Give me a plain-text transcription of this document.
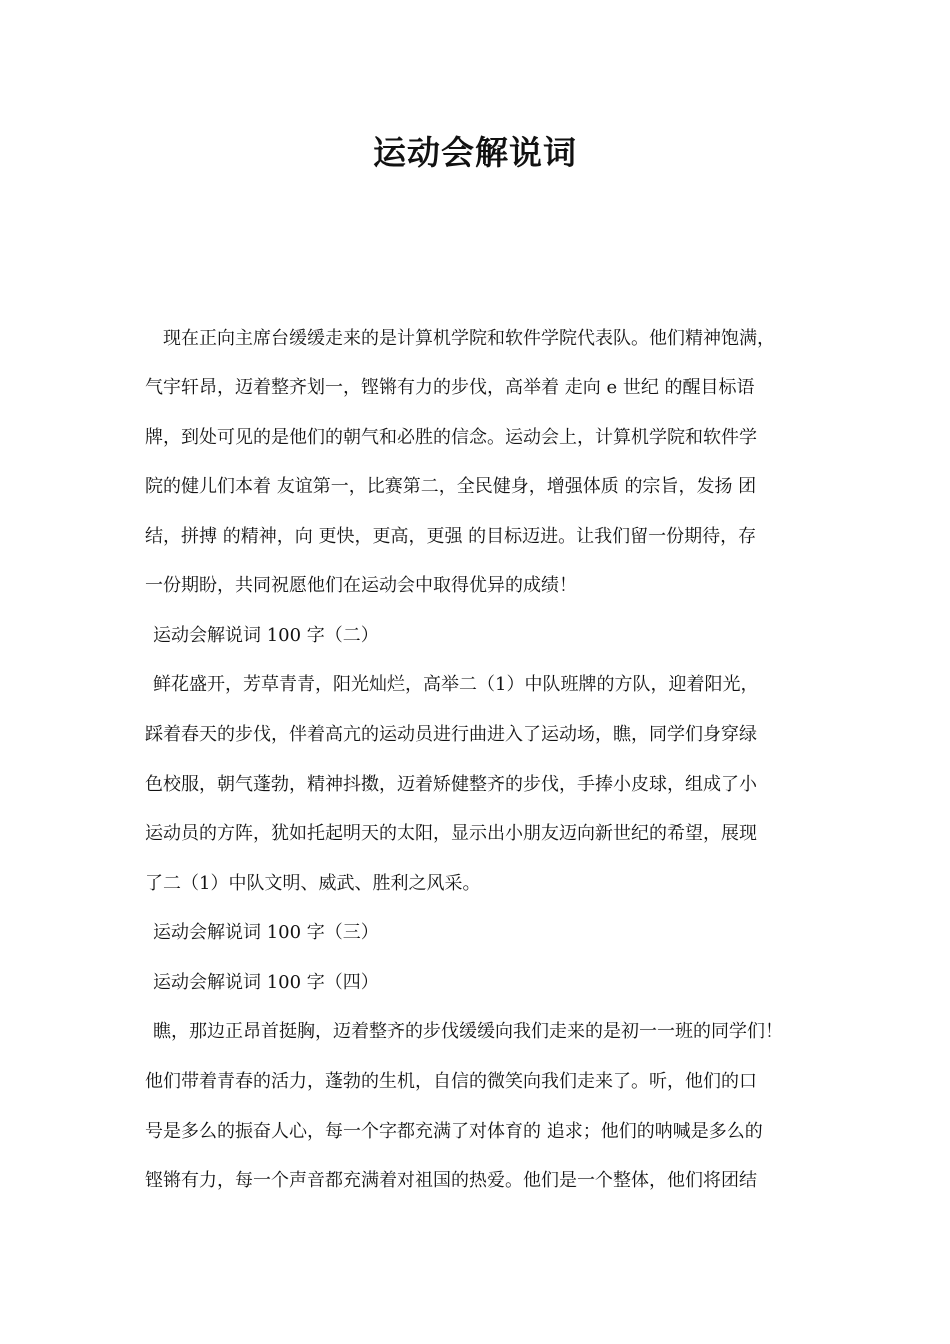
运动会解说词
现在正向主席台缓缓走来的是计算机学院和软件学院代表队。他们精神饱满，
气宇轩昂，迈着整齐划一，铿锵有力的步伐，高举着 走向 e 世纪 的醒目标语
牌，到处可见的是他们的朝气和必胜的信念。运动会上，计算机学院和软件学
院的健儿们本着 友谊第一，比赛第二，全民健身，增强体质 的宗旨，发扬 团
结，拼搏 的精神，向 更快，更高，更强 的目标迈进。让我们留一份期待，存
一份期盼，共同祝愿他们在运动会中取得优异的成绩！
运动会解说词 100 字（二）
鲜花盛开，芳草青青，阳光灿烂，高举二（1）中队班牌的方队，迎着阳光，
踩着春天的步伐，伴着高亢的运动员进行曲进入了运动场，瞧，同学们身穿绿
色校服，朝气蓬勃，精神抖擞，迈着矫健整齐的步伐，手捧小皮球，组成了小
运动员的方阵，犹如托起明天的太阳，显示出小朋友迈向新世纪的希望，展现
了二（1）中队文明、威武、胜利之风采。
运动会解说词 100 字（三）
运动会解说词 100 字（四）
瞧，那边正昂首挺胸，迈着整齐的步伐缓缓向我们走来的是初一一班的同学们！
他们带着青春的活力，蓬勃的生机，自信的微笑向我们走来了。听，他们的口
号是多么的振奋人心，每一个字都充满了对体育的 追求；他们的呐喊是多么的
铿锵有力，每一个声音都充满着对祖国的热爱。他们是一个整体，他们将团结
